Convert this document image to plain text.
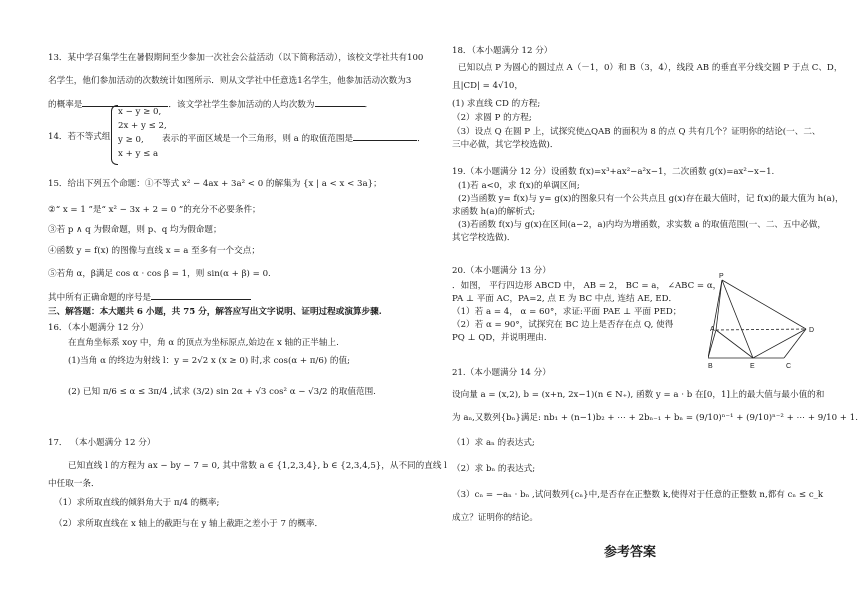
13．某中学召集学生在暑假期间至少参加一次社会公益活动（以下简称活动），该校文学社共有100
名学生，他们参加活动的次数统计如图所示．则从文学社中任意选1名学生，他参加活动次数为3
的概率是	．该文学社学生参加活动的人均次数为	．
14．若不等式组
x − y ≥ 0,
2x + y ≤ 2,
y ≥ 0,
x + y ≤ a
表示的平面区域是一个三角形，则 a 的取值范围是	．
15．给出下列五个命题：①不等式 x² − 4ax + 3a² < 0 的解集为 {x | a < x < 3a}；
②“ x = 1 ”是“ x² − 3x + 2 = 0 ”的充分不必要条件；
③若 p ∧ q 为假命题，则 p、q 均为假命题；
④函数 y = f(x) 的图像与直线 x = a 至多有一个交点；
⑤若角 α，β满足 cos α · cos β = 1，则 sin(α + β) = 0.
其中所有正确命题的序号是
三、解答题：本大题共 6 小题，共 75 分，解答应写出文字说明、证明过程或演算步骤.
16．（本小题满分 12 分）
在直角坐标系 xoy 中，角 α 的顶点为坐标原点,始边在 x 轴的正半轴上.
(1)当角 α 的终边为射线 l：y = 2√2 x (x ≥ 0) 时,求 cos(α + π/6) 的值;
(2) 已知 π/6 ≤ α ≤ 3π/4 ,试求 (3/2) sin 2α + √3 cos² α − √3/2 的取值范围.
17． （本小题满分 12 分）
已知直线 l 的方程为 ax − by − 7 = 0, 其中常数 a ∈ {1,2,3,4}, b ∈ {2,3,4,5}，从不同的直线 l
中任取一条．
（1）求所取直线的倾斜角大于 π/4 的概率;
（2）求所取直线在 x 轴上的截距与在 y 轴上截距之差小于 7 的概率．
18．（本小题满分 12 分）
已知以点 P 为圆心的圆过点 A（－1，0）和 B（3，4），线段 AB 的垂直平分线交圆 P 于点 C、D，
且|CD| = 4√10，
(1) 求直线 CD 的方程;
（2）求圆 P 的方程;
（3）设点 Q 在圆 P 上，试探究使△QAB 的面积为 8 的点 Q 共有几个？证明你的结论(一、二、
三中必做，其它学校选做)．
19.（本小题满分 12 分）设函数 f(x)=x³+ax²−a²x−1，二次函数 g(x)=ax²−x−1.
(1)若 a<0，求 f(x)的单调区间;
(2)当函数 y= f(x)与 y= g(x)的图象只有一个公共点且 g(x)存在最大值时，记 f(x)的最大值为 h(a)，
求函数 h(a)的解析式;
(3)若函数 f(x)与 g(x)在区间(a−2，a)内均为增函数，求实数 a 的取值范围(一、二、五中必做，
其它学校选做)．
20.（本小题满分 13 分）
．如图， 平行四边形 ABCD 中， AB = 2， BC = a， ∠ABC = α，
PA ⊥ 平面 AC，PA=2, 点 E 为 BC 中点, 连结 AE, ED．
（1）若 a = 4， α = 60°，求证:平面 PAE ⊥ 平面 PED；
（2）若 α = 90°，试探究在 BC 边上是否存在点 Q, 使得
PQ ⊥ QD，并说明理由.
21.（本小题满分 14 分）
设向量 a = (x,2), b = (x+n, 2x−1)(n ∈ N₊), 函数 y = a · b 在[0，1]上的最大值与最小值的和
为 aₙ,又数列{bₙ}满足: nb₁ + (n−1)b₂ + ⋯ + 2bₙ₋₁ + bₙ = (9/10)ⁿ⁻¹ + (9/10)ⁿ⁻² + ⋯ + 9/10 + 1.
（1）求 aₙ 的表达式;
（2）求 bₙ 的表达式;
（3）cₙ = −aₙ · bₙ ,试问数列{cₙ}中,是否存在正整数 k,使得对于任意的正整数 n,都有 cₙ ≤ c_k
成立？证明你的结论。
P
A
B	E	C
D
参考答案
